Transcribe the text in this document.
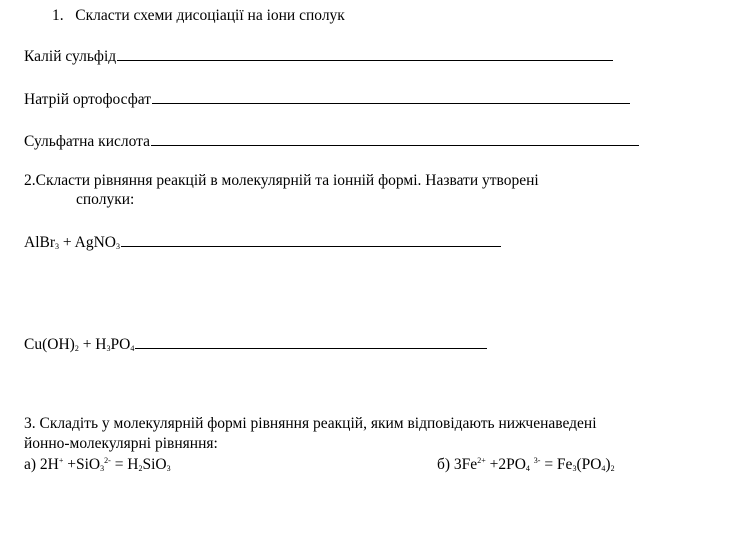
1. Скласти схеми дисоціації на іони сполук
Калій сульфід
Натрій ортофосфат
Сульфатна кислота
2.Скласти рівняння реакцій в молекулярній та іонній формі. Назвати утворені
сполуки:
AlBr$_3$ + AgNO$_3$
$Cu(OH)_2 + H_3PO_4$
3. Складіть у молекулярній формі рівняння реакцій, яким відповідають нижченаведені
йонно-молекулярні рівняння:
а) $2H^+ +SiO_3^{2-} = H_2SiO_3$	б) $3Fe^{2+} +2PO_4$ $^{3-} = Fe_3(PO_4)_2$
